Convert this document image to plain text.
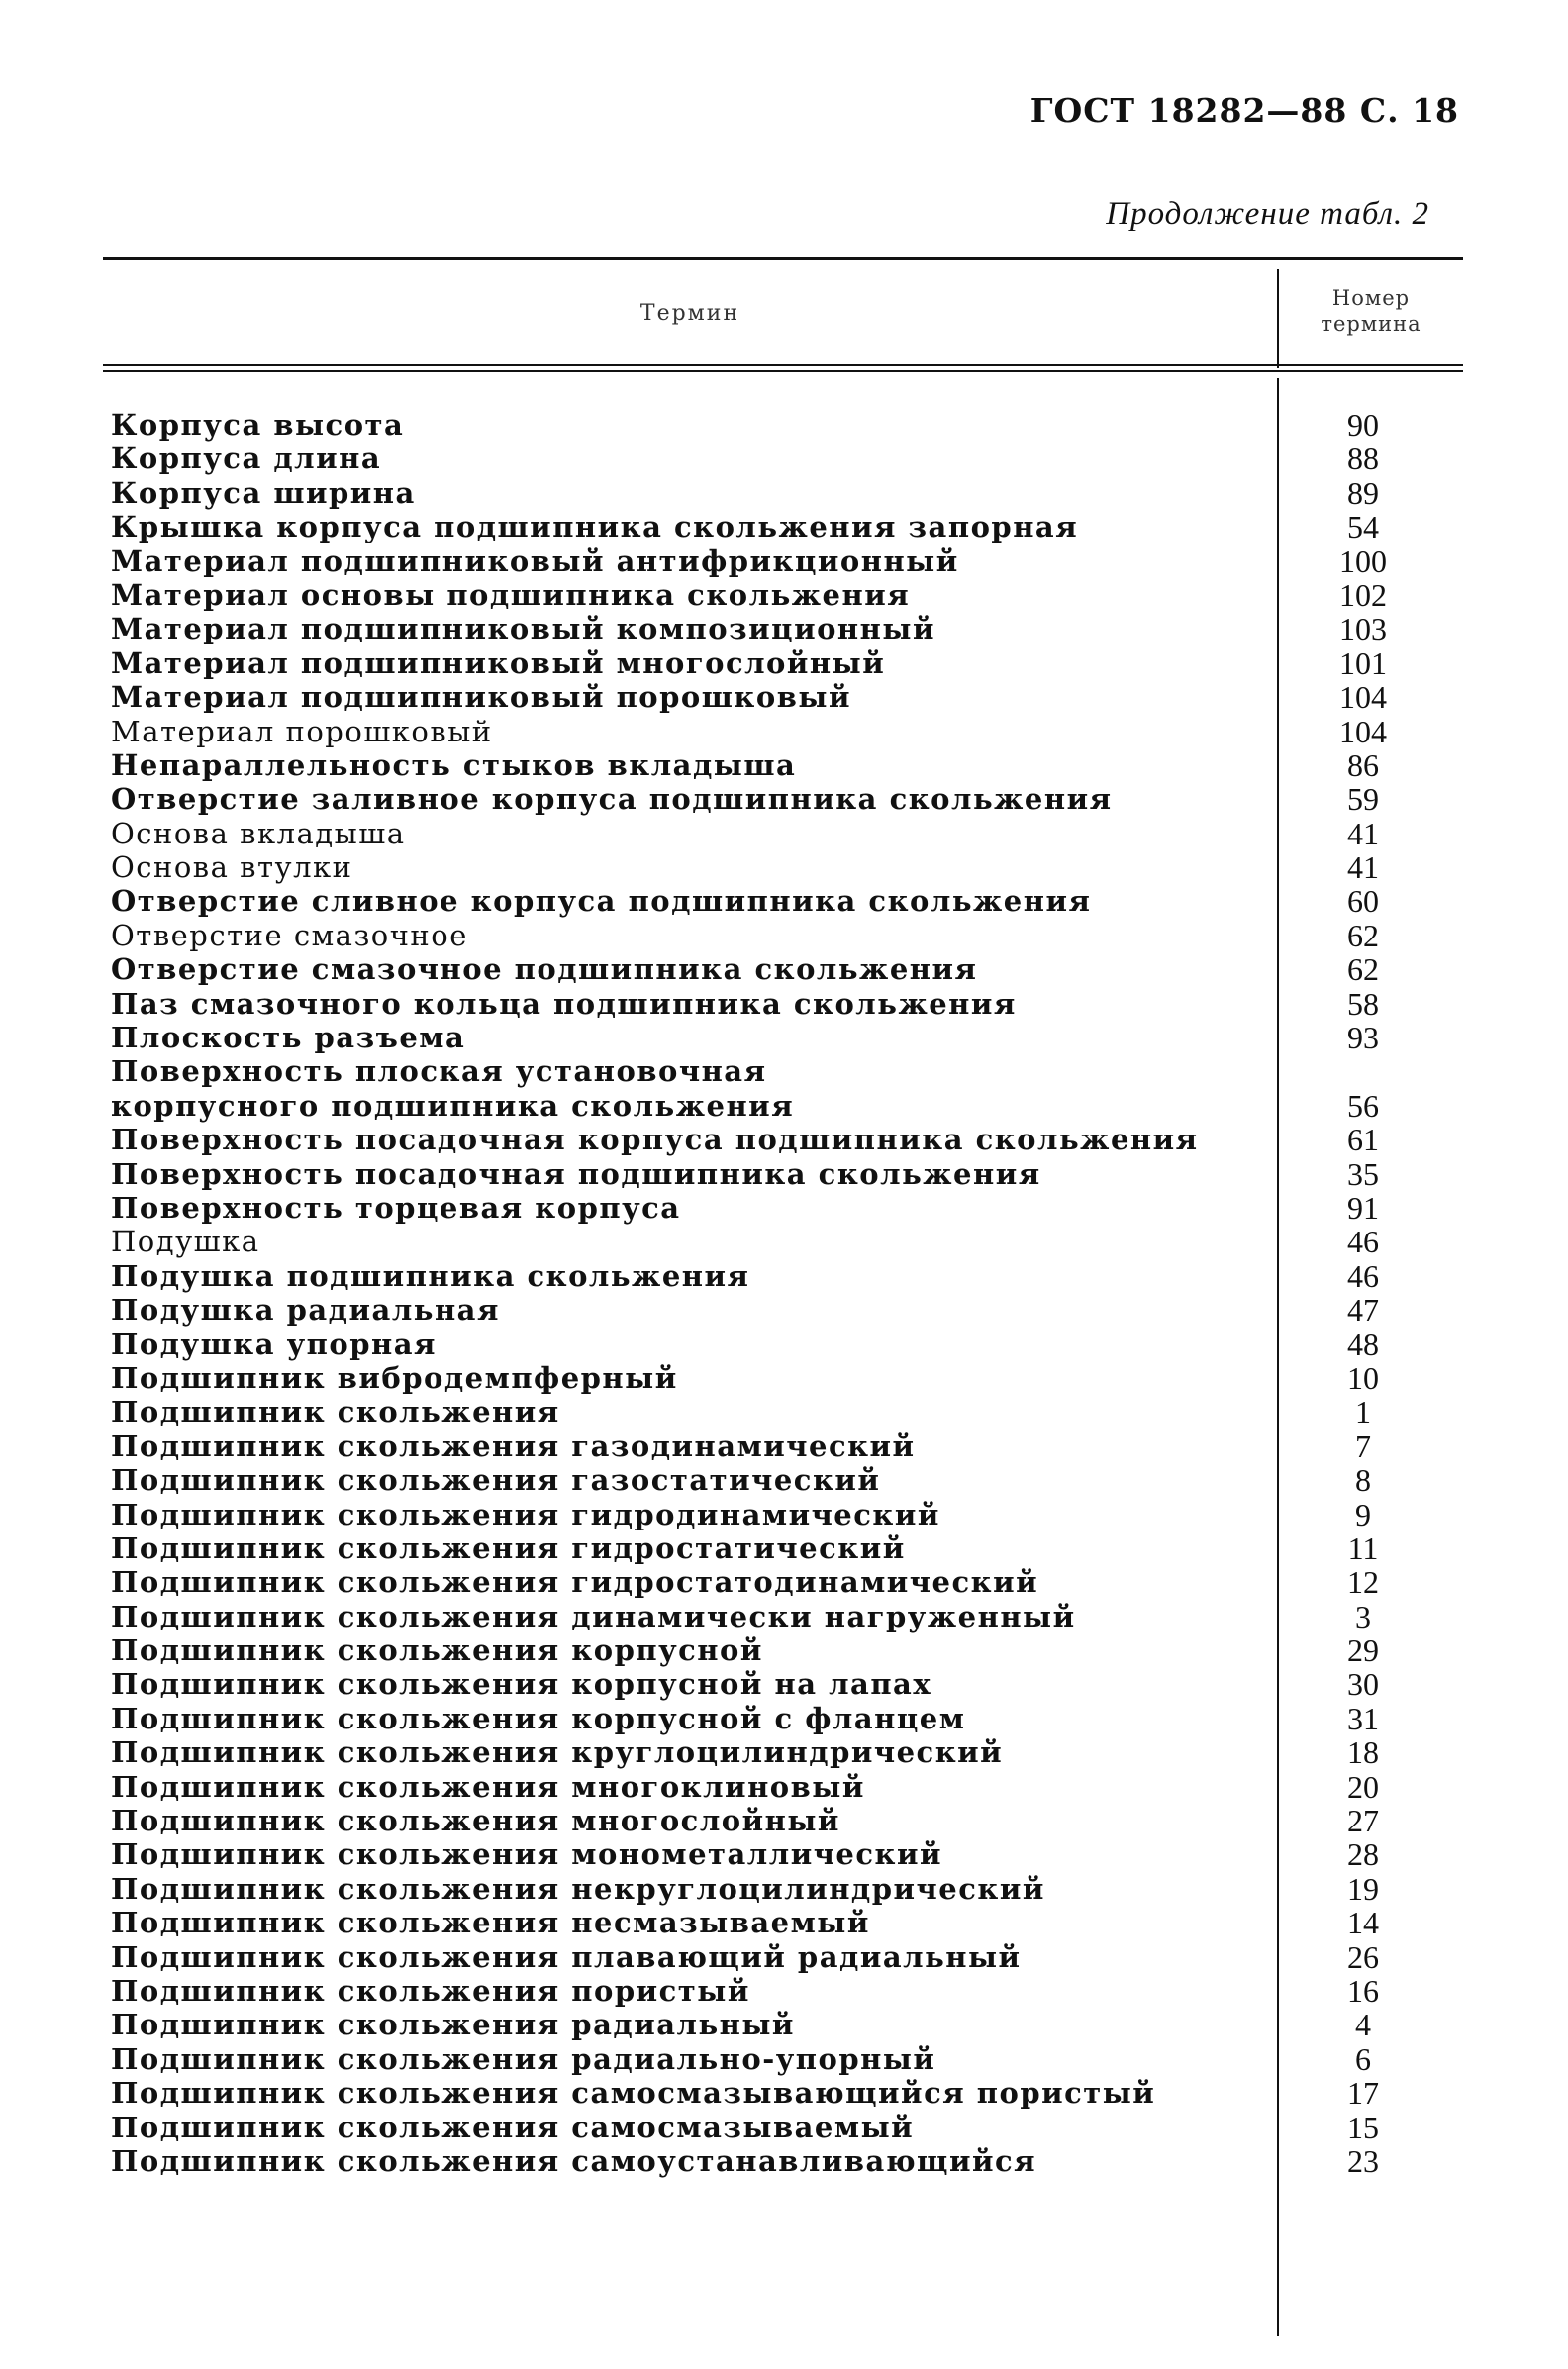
ГОСТ 18282—88 С. 18
Продолжение табл. 2
Термин
Номер термина
Корпуса высота	90
Корпуса длина	88
Корпуса ширина	89
Крышка корпуса подшипника скольжения запорная	54
Материал подшипниковый антифрикционный	100
Материал основы подшипника скольжения	102
Материал подшипниковый композиционный	103
Материал подшипниковый многослойный	101
Материал подшипниковый порошковый	104
Материал порошковый	104
Непараллельность стыков вкладыша	86
Отверстие заливное корпуса подшипника скольжения	59
Основа вкладыша	41
Основа втулки	41
Отверстие сливное корпуса подшипника скольжения	60
Отверстие смазочное	62
Отверстие смазочное подшипника скольжения	62
Паз смазочного кольца подшипника скольжения	58
Плоскость разъема	93
Поверхность плоская установочная корпусного подшипника скольжения	56
Поверхность посадочная корпуса подшипника скольжения	61
Поверхность посадочная подшипника скольжения	35
Поверхность торцевая корпуса	91
Подушка	46
Подушка подшипника скольжения	46
Подушка радиальная	47
Подушка упорная	48
Подшипник вибродемпферный	10
Подшипник скольжения	1
Подшипник скольжения газодинамический	7
Подшипник скольжения газостатический	8
Подшипник скольжения гидродинамический	9
Подшипник скольжения гидростатический	11
Подшипник скольжения гидростатодинамический	12
Подшипник скольжения динамически нагруженный	3
Подшипник скольжения корпусной	29
Подшипник скольжения корпусной на лапах	30
Подшипник скольжения корпусной с фланцем	31
Подшипник скольжения круглоцилиндрический	18
Подшипник скольжения многоклиновый	20
Подшипник скольжения многослойный	27
Подшипник скольжения монометаллический	28
Подшипник скольжения некруглоцилиндрический	19
Подшипник скольжения несмазываемый	14
Подшипник скольжения плавающий радиальный	26
Подшипник скольжения пористый	16
Подшипник скольжения радиальный	4
Подшипник скольжения радиально-упорный	6
Подшипник скольжения самосмазывающийся пористый	17
Подшипник скольжения самосмазываемый	15
Подшипник скольжения самоустанавливающийся	23
